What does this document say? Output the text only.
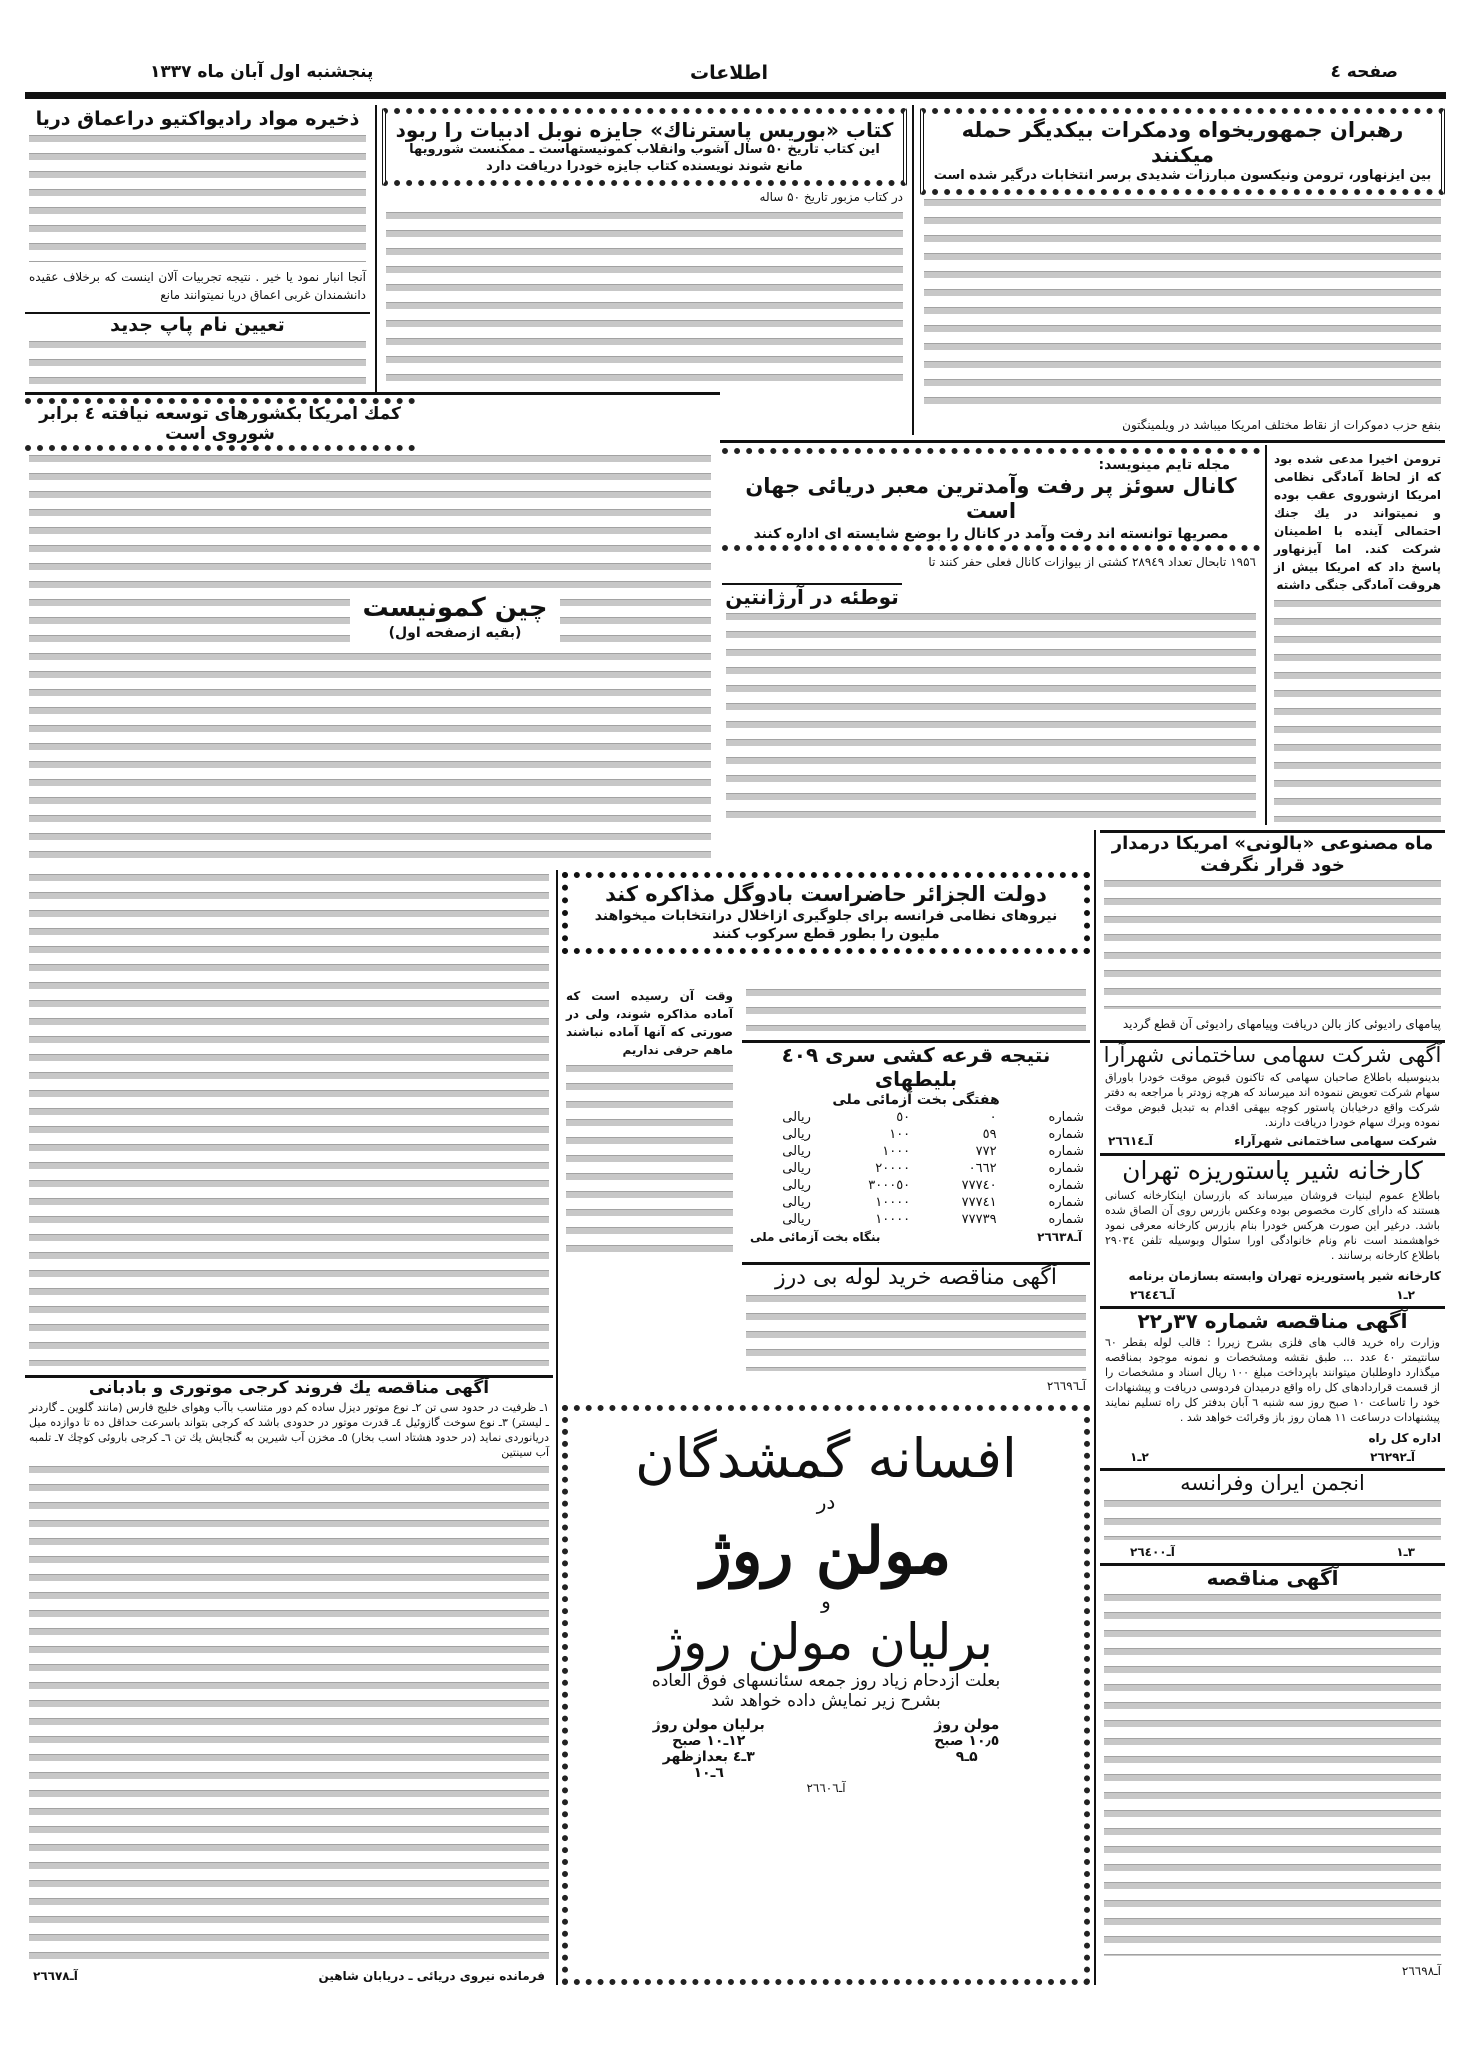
صفحه ٤
اطلاعات
پنجشنبه اول آبان ماه ۱۳۳۷
رهبران جمهوریخواه ودمکرات بیکدیگر حمله میکنند
بین ایزنهاور، ترومن ونیکسون مبارزات شدیدی برسر انتخابات درگیر شده است
بنفع حزب دموکرات از نقاط مختلف امریکا میباشد در ویلمینگتون
کتاب «بوریس پاسترناك» جایزه نوبل ادبیات را ربود
این کتاب تاریخ ۵۰ سال آشوب وانقلاب کمونیستهاست ـ ممکنست شورویها
مانع شوند نویسنده کتاب جایزه خودرا دریافت دارد
در کتاب مزبور تاریخ ۵۰ ساله
ذخیره مواد رادیواکتیو دراعماق دریا
آنجا انبار نمود یا خیر . نتیجه تجربیات آلان اینست که برخلاف عقیده دانشمندان غربی اعماق دریا نمیتوانند مانع
تعیین نام پاپ جدید
کمك امریکا بکشورهای توسعه نیافته ٤ برابر شوروی است
چین کمونیست
(بقیه ازصفحه اول)
مجله تایم مینویسد:
کانال سوئز پر رفت وآمدترین معبر دریائی جهان است
مصریها توانسته اند رفت وآمد در کانال را بوضع شایسته ای اداره کنند
۱۹۵٦ تابحال تعداد ۲۸۹٤۹ کشتی از بیوازات کانال فعلی حفر کنند تا
توطئه در آرژانتین
ترومن اخیرا مدعی شده بود که از لحاظ آمادگی نظامی امریکا ازشوروی عقب بوده و نمیتواند در یك جنك احتمالی آینده با اطمینان شرکت کند. اما آیزنهاور پاسخ داد که امریکا بیش از هروقت آمادگی جنگی داشته
ماه مصنوعی «بالونی» امریکا درمدار خود قرار نگرفت
پیامهای رادیوئی کاز بالن دریافت وپیامهای رادیوئی آن قطع گردید
دولت الجزائر حاضراست بادوگل مذاکره کند
نیروهای نظامی فرانسه برای جلوگیری ازاخلال درانتخابات میخواهند ملیون را بطور قطع سرکوب کنند
وقت آن رسیده است که آماده مذاکره شوند، ولی در صورتی که آنها آماده نباشند ماهم حرفی نداریم	نتیجه قرعه کشی سری ٤٠٩ بلیطهای
هفتگی بخت آزمائی ملی
شماره	٠	٥٠	ریالی
شماره	٥٩	۱٠٠	ریالی
شماره	۷۷۲	۱٠٠٠	ریالی
شماره	٠٦٦۲	۲٠٠٠٠	ریالی
شماره	۷۷۷٤٠	۳٠٠٠٥٠	ریالی
شماره	۷۷۷٤۱	۱٠٠٠٠	ریالی
شماره	۷۷۷۳۹	۱٠٠٠٠	ریالی
آـ۲٦٦۳۸
بنگاه بخت آزمائی ملی
آگهی مناقصه خرید لوله بی درز
آـ۲٦٦۹٦
آگهی شرکت سهامی ساختمانی شهرآرا
بدینوسیله باطلاع صاحبان سهامی که تاکنون قبوض موقت خودرا باوراق سهام شرکت تعویض ننموده اند میرساند که هرچه زودتر با مراجعه به دفتر شرکت واقع درخیابان پاستور کوچه بیهقی اقدام به تبدیل قبوض موقت نموده وبرك سهام خودرا دریافت دارند.
شرکت سهامی ساختمانی شهرآراء
آـ۲٦٦۱٤
کارخانه شیر پاستوریزه تهران
باطلاع عموم لبنیات فروشان میرساند که بازرسان اینکارخانه کسانی هستند که دارای کارت مخصوص بوده وعکس بازرس روی آن الصاق شده باشد. درغیر این صورت هرکس خودرا بنام بازرس کارخانه معرفی نمود خواهشمند است نام ونام خانوادگی اورا سئوال وبوسیله تلفن ۲۹٠۳٤ باطلاع کارخانه برسانند .
کارخانه شیر پاستوریزه تهران وابسته بسازمان برنامه
۲ـ۱
آـ۲٦٤٤٦
آگهی مناقصه شماره ۳۷ر۲۲
وزارت راه خرید قالب های فلزی بشرح زیررا : قالب لوله بقطر ٦٠ سانتیمتر ٤٠ عدد ... طبق نقشه ومشخصات و نمونه موجود بمناقصه میگذارد داوطلبان میتوانند باپرداخت مبلغ ۱٠٠ ریال اسناد و مشخصات را از قسمت قراردادهای کل راه واقع درمیدان فردوسی دریافت و پیشنهادات خود را تاساعت ۱٠ صبح روز سه شنبه ٦ آبان بدفتر کل راه تسلیم نمایند پیشنهادات درساعت ۱۱ همان روز باز وقرائت خواهد شد .
اداره کل راه
آـ۲٦۲۹۲
۲ـ۱
انجمن ایران وفرانسه
۳ـ۱
آـ۲٦٤٠٠
آگهی مناقصه
آـ۲٦٦۹٨
آگهی مناقصه یك فروند کرجی موتوری و بادبانی
۱ـ ظرفیت در حدود سی تن ۲ـ نوع موتور دیزل ساده کم دور متناسب باآب وهوای خلیج فارس (مانند گلوین ـ گاردنر ـ لیستر) ۳ـ نوع سوخت گازوئیل ٤ـ قدرت موتور در حدودی باشد که کرجی بتواند باسرعت حداقل ده تا دوازده میل دریانوردی نماید (در حدود هشتاد اسب بخار) ٥ـ مخزن آب شیرین به گنجایش یك تن ٦ـ کرجی باروئی کوچك ۷ـ تلمبه آب سینتین
فرمانده نیروی دریائی ـ دریابان شاهین
آـ۲٦٦۷٨
افسانه گمشدگان
در
مولن روژ
و
برلیان مولن روژ
بعلت ازدحام زیاد روز جمعه سئانسهای فوق العاده
بشرح زیر نمایش داده خواهد شد
مولن روژ
۱٠٫٥ صبح
۵ـ۹
برلیان مولن روژ
۱۲ـ۱٠ صبح
۳ـ٤ بعدازظهر
٦ـ۱٠
آـ۲٦٦٠٦
